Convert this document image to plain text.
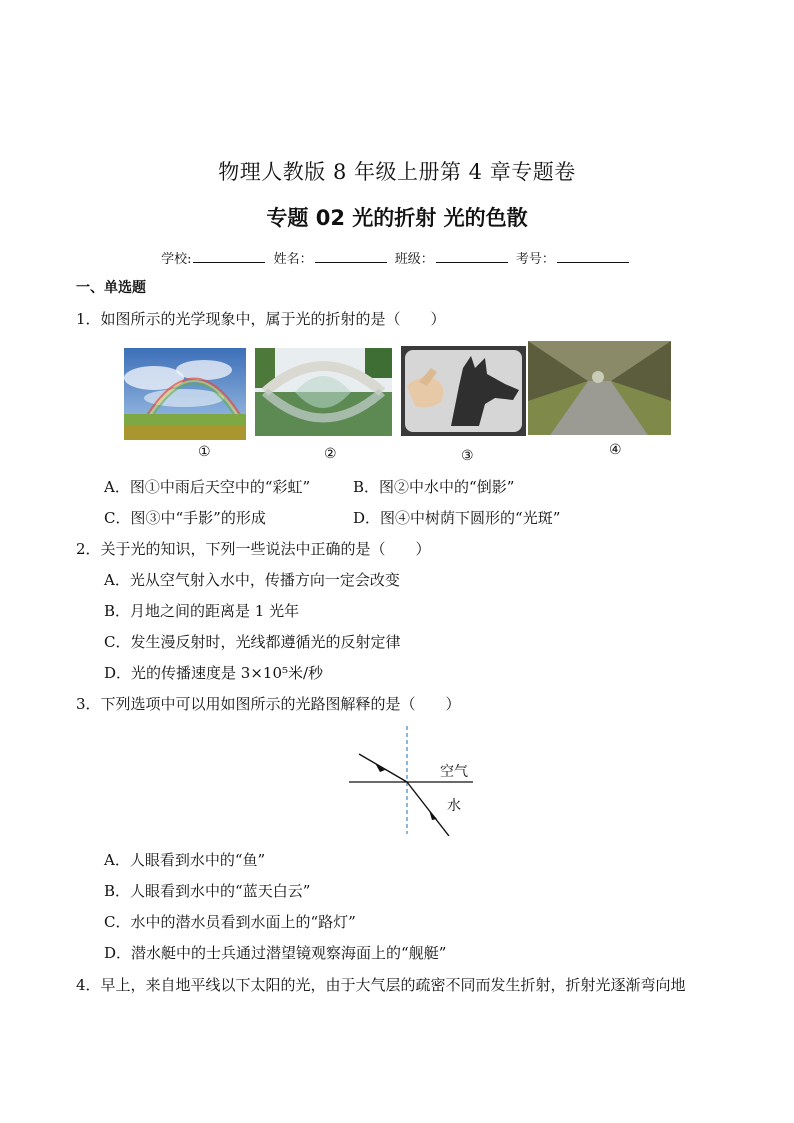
物理人教版 8 年级上册第 4 章专题卷
专题 02 光的折射 光的色散
学校:	姓名：	班级：	考号：
一、单选题
1．如图所示的光学现象中，属于光的折射的是（　　）
①	②	③	④
A．图①中雨后天空中的“彩虹”	B．图②中水中的“倒影”
C．图③中“手影”的形成	D．图④中树荫下圆形的“光斑”
2．关于光的知识，下列一些说法中正确的是（　　）
A．光从空气射入水中，传播方向一定会改变
B．月地之间的距离是 1 光年
C．发生漫反射时，光线都遵循光的反射定律
D．光的传播速度是 3×10⁵米/秒
3．下列选项中可以用如图所示的光路图解释的是（　　）
空气
水
A．人眼看到水中的“鱼”
B．人眼看到水中的“蓝天白云”
C．水中的潜水员看到水面上的“路灯”
D．潜水艇中的士兵通过潜望镜观察海面上的“舰艇”
4．早上，来自地平线以下太阳的光，由于大气层的疏密不同而发生折射，折射光逐渐弯向地
